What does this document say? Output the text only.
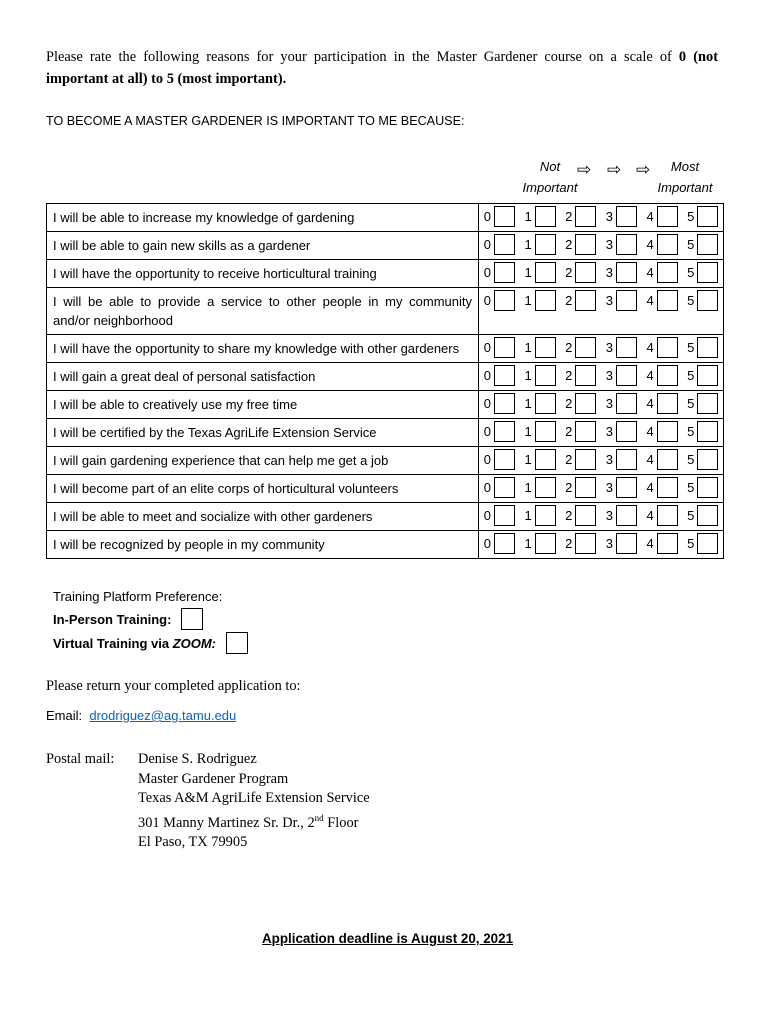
Please rate the following reasons for your participation in the Master Gardener course on a scale of 0 (not important at all) to 5 (most important).
TO BECOME A MASTER GARDENER IS IMPORTANT TO ME BECAUSE:
Not
Important
⇨ ⇨ ⇨	Most
Important
I will be able to increase my knowledge of gardening	0	1	2	3	4	5
I will be able to gain new skills as a gardener	0	1	2	3	4	5
I will have the opportunity to receive horticultural training	0	1	2	3	4	5
I will be able to provide a service to other people in my community and/or neighborhood
0	1	2	3	4	5
I will have the opportunity to share my knowledge with other gardeners	0	1	2	3	4	5
I will gain a great deal of personal satisfaction	0	1	2	3	4	5
I will be able to creatively use my free time	0	1	2	3	4	5
I will be certified by the Texas AgriLife Extension Service	0	1	2	3	4	5
I will gain gardening experience that can help me get a job	0	1	2	3	4	5
I will become part of an elite corps of horticultural volunteers	0	1	2	3	4	5
I will be able to meet and socialize with other gardeners	0	1	2	3	4	5
I will be recognized by people in my community	0	1	2	3	4	5
Training Platform Preference:
In-Person Training:
Virtual Training via ZOOM:
Please return your completed application to:
Email: drodriguez@ag.tamu.edu
Postal mail: Denise S. Rodriguez
Master Gardener Program
Texas A&M AgriLife Extension Service
301 Manny Martinez Sr. Dr., 2nd Floor
El Paso, TX 79905
Application deadline is August 20, 2021
